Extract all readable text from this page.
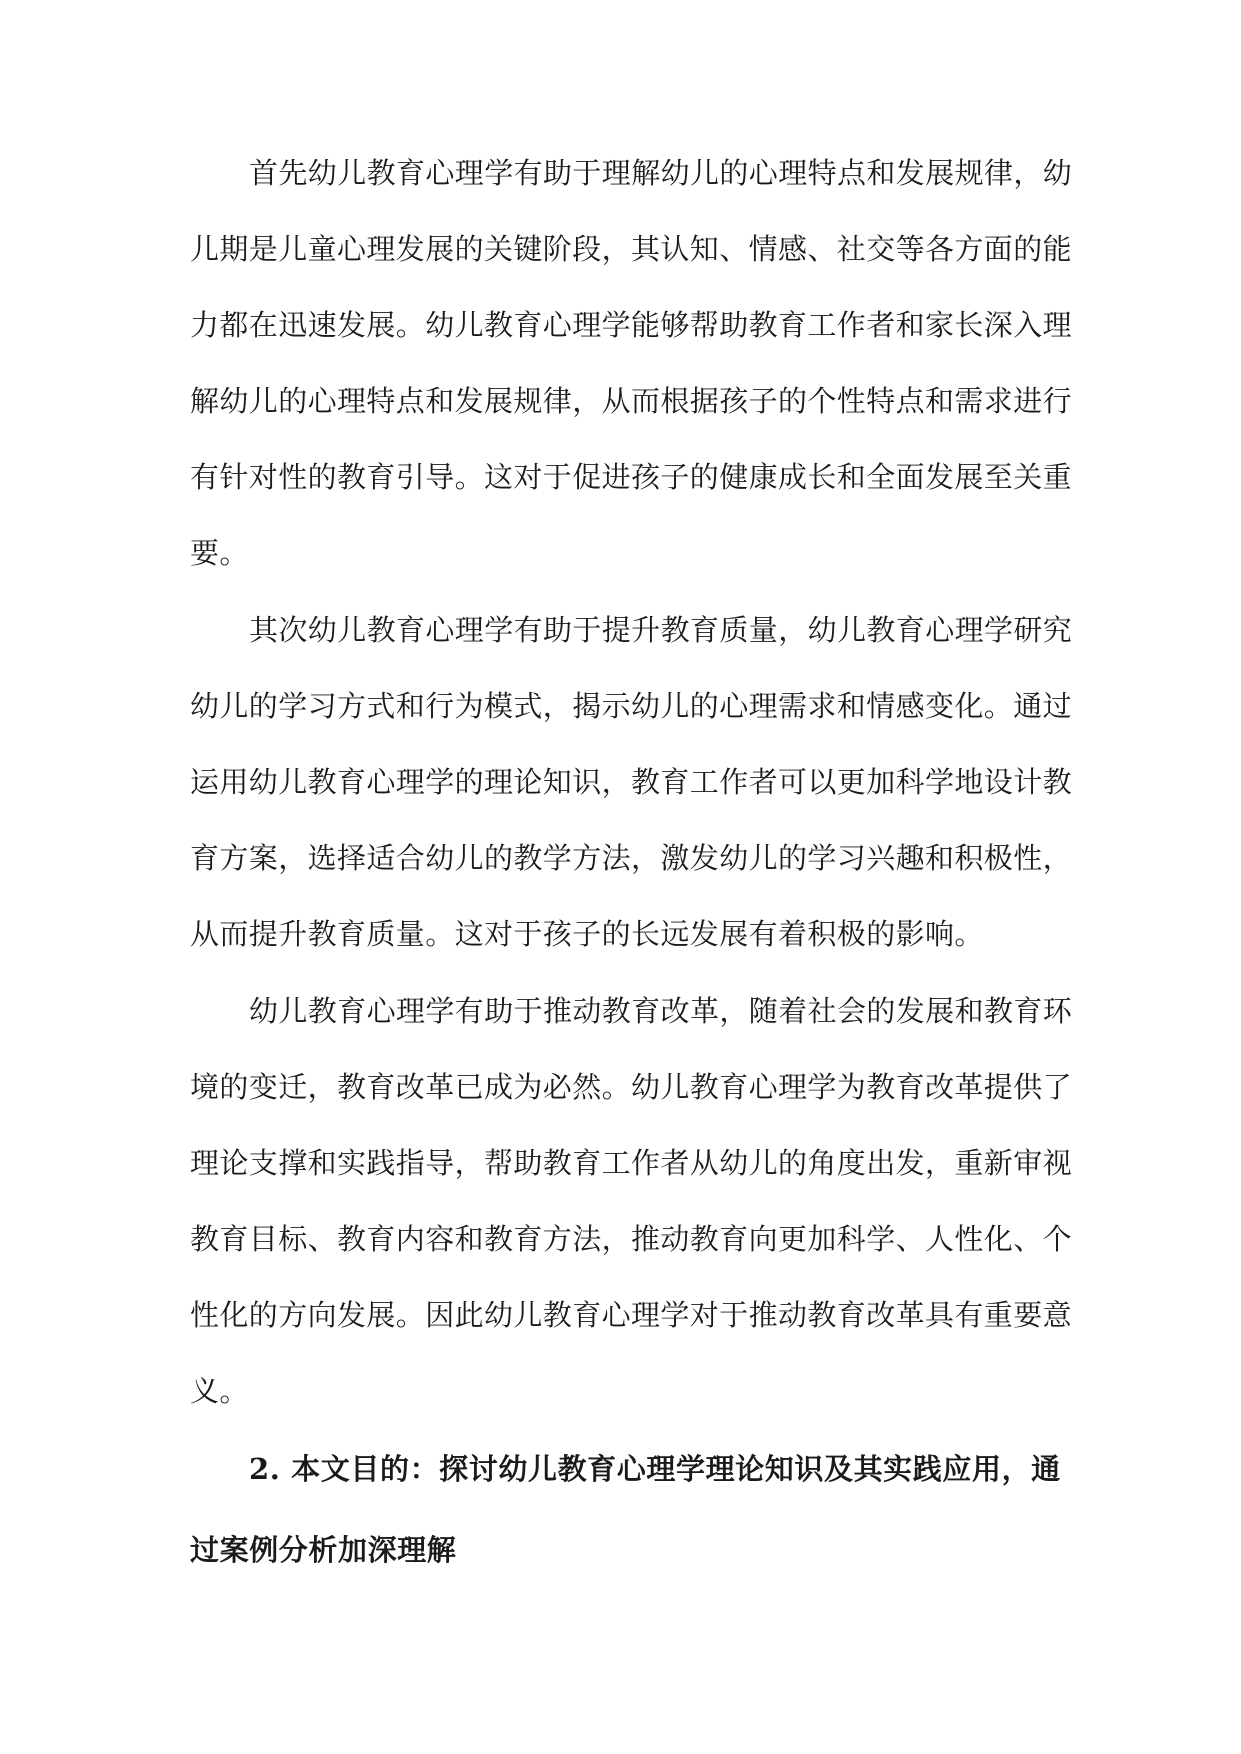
首先幼儿教育心理学有助于理解幼儿的心理特点和发展规律，幼
儿期是儿童心理发展的关键阶段，其认知、情感、社交等各方面的能
力都在迅速发展。幼儿教育心理学能够帮助教育工作者和家长深入理
解幼儿的心理特点和发展规律，从而根据孩子的个性特点和需求进行
有针对性的教育引导。这对于促进孩子的健康成长和全面发展至关重
要。
其次幼儿教育心理学有助于提升教育质量，幼儿教育心理学研究
幼儿的学习方式和行为模式，揭示幼儿的心理需求和情感变化。通过
运用幼儿教育心理学的理论知识，教育工作者可以更加科学地设计教
育方案，选择适合幼儿的教学方法，激发幼儿的学习兴趣和积极性，
从而提升教育质量。这对于孩子的长远发展有着积极的影响。
幼儿教育心理学有助于推动教育改革，随着社会的发展和教育环
境的变迁，教育改革已成为必然。幼儿教育心理学为教育改革提供了
理论支撑和实践指导，帮助教育工作者从幼儿的角度出发，重新审视
教育目标、教育内容和教育方法，推动教育向更加科学、人性化、个
性化的方向发展。因此幼儿教育心理学对于推动教育改革具有重要意
义。
2. 本文目的：探讨幼儿教育心理学理论知识及其实践应用，通
过案例分析加深理解
